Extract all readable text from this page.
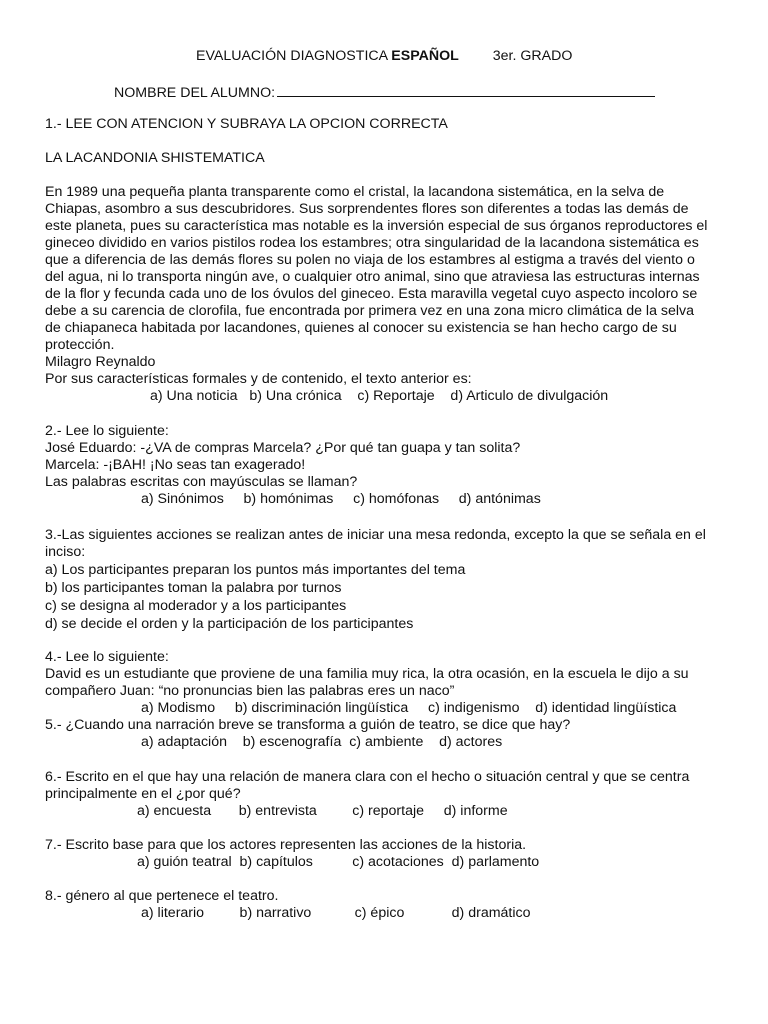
EVALUACIÓN DIAGNOSTICA ESPAÑOL 3er. GRADO
NOMBRE DEL ALUMNO:
1.- LEE CON ATENCION Y SUBRAYA LA OPCION CORRECTA
LA LACANDONIA SHISTEMATICA
En 1989 una pequeña planta transparente como el cristal, la lacandona sistemática, en la selva de
Chiapas, asombro a sus descubridores. Sus sorprendentes flores son diferentes a todas las demás de
este planeta, pues su característica mas notable es la inversión especial de sus órganos reproductores el
gineceo dividido en varios pistilos rodea los estambres; otra singularidad de la lacandona sistemática es
que a diferencia de las demás flores su polen no viaja de los estambres al estigma a través del viento o
del agua, ni lo transporta ningún ave, o cualquier otro animal, sino que atraviesa las estructuras internas
de la flor y fecunda cada uno de los óvulos del gineceo. Esta maravilla vegetal cuyo aspecto incoloro se
debe a su carencia de clorofila, fue encontrada por primera vez en una zona micro climática de la selva
de chiapaneca habitada por lacandones, quienes al conocer su existencia se han hecho cargo de su
protección.
Milagro Reynaldo
Por sus características formales y de contenido, el texto anterior es:
a) Una noticia   b) Una crónica    c) Reportaje    d) Articulo de divulgación
2.- Lee lo siguiente:
José Eduardo: -¿VA de compras Marcela? ¿Por qué tan guapa y tan solita?
Marcela: -¡BAH! ¡No seas tan exagerado!
Las palabras escritas con mayúsculas se llaman?
a) Sinónimos     b) homónimas     c) homófonas     d) antónimas
3.-Las siguientes acciones se realizan antes de iniciar una mesa redonda, excepto la que se señala en el
inciso:
a) Los participantes preparan los puntos más importantes del tema
b) los participantes toman la palabra por turnos
c) se designa al moderador y a los participantes
d) se decide el orden y la participación de los participantes
4.- Lee lo siguiente:
David es un estudiante que proviene de una familia muy rica, la otra ocasión, en la escuela le dijo a su
compañero Juan: “no pronuncias bien las palabras eres un naco”
a) Modismo     b) discriminación lingüística     c) indigenismo    d) identidad lingüística
5.- ¿Cuando una narración breve se transforma a guión de teatro, se dice que hay?
a) adaptación    b) escenografía  c) ambiente    d) actores
6.- Escrito en el que hay una relación de manera clara con el hecho o situación central y que se centra
principalmente en el ¿por qué?
a) encuesta       b) entrevista         c) reportaje     d) informe
7.- Escrito base para que los actores representen las acciones de la historia.
a) guión teatral  b) capítulos          c) acotaciones  d) parlamento
8.- género al que pertenece el teatro.
a) literario         b) narrativo           c) épico            d) dramático
